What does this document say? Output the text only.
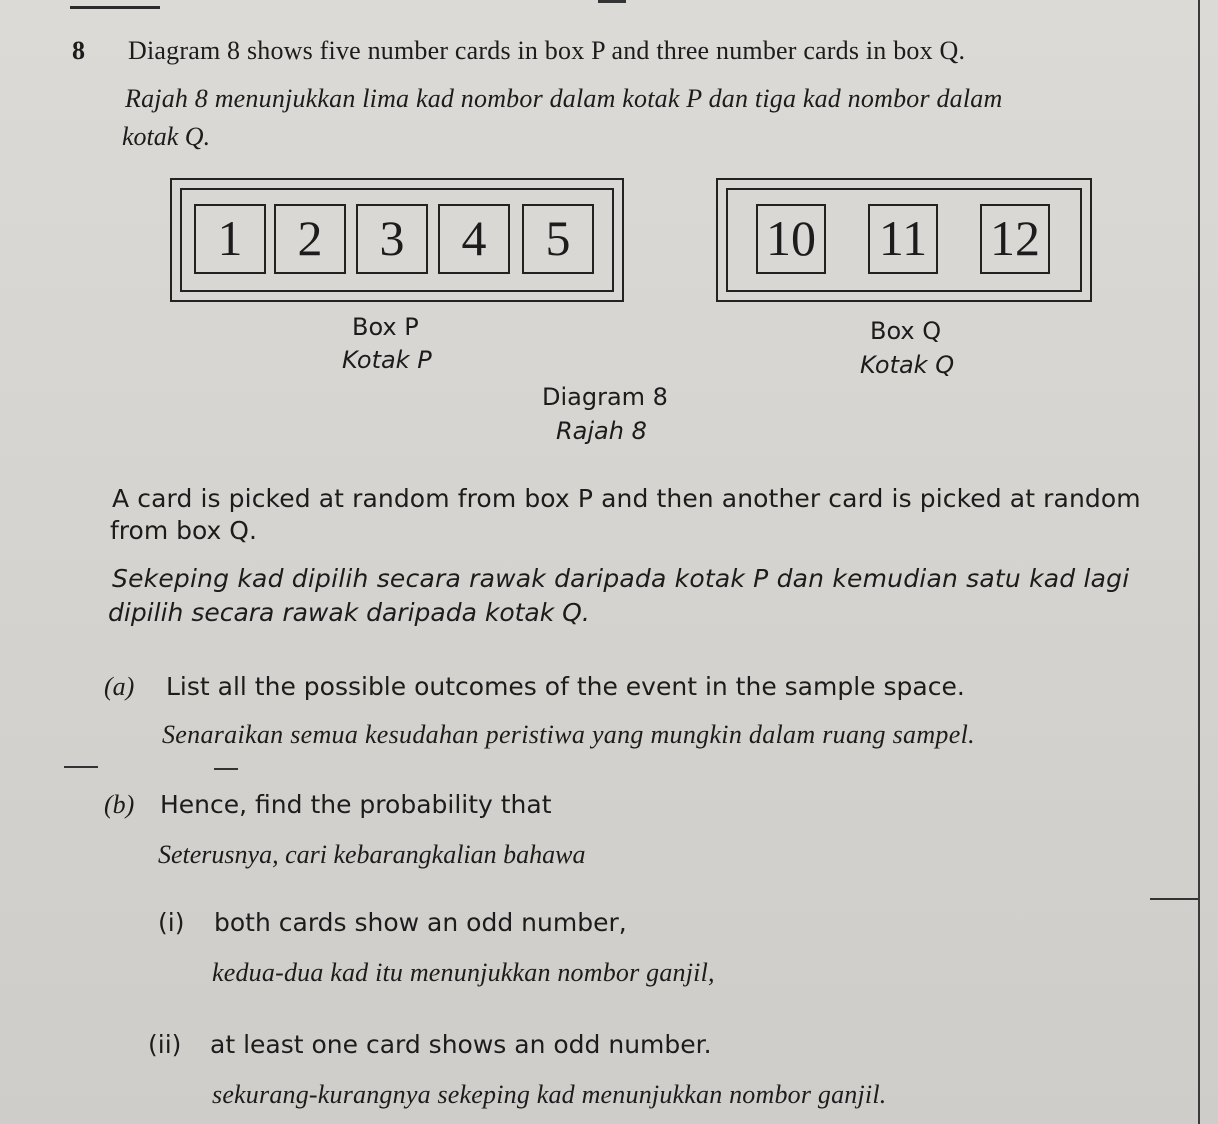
8 Diagram 8 shows five number cards in box P and three number cards in box Q.
Rajah 8 menunjukkan lima kad nombor dalam kotak P dan tiga kad nombor dalam
kotak Q.
1	2	3	4	5	10 11 12
Box P
Kotak P
Box Q
Kotak Q
Diagram 8
Rajah 8
A card is picked at random from box P and then another card is picked at random
from box Q.
Sekeping kad dipilih secara rawak daripada kotak P dan kemudian satu kad lagi
dipilih secara rawak daripada kotak Q.
(a) List all the possible outcomes of the event in the sample space.
Senaraikan semua kesudahan peristiwa yang mungkin dalam ruang sampel.
(b) Hence, find the probability that
Seterusnya, cari kebarangkalian bahawa
(i) both cards show an odd number,
kedua-dua kad itu menunjukkan nombor ganjil,
(ii) at least one card shows an odd number.
sekurang-kurangnya sekeping kad menunjukkan nombor ganjil.
